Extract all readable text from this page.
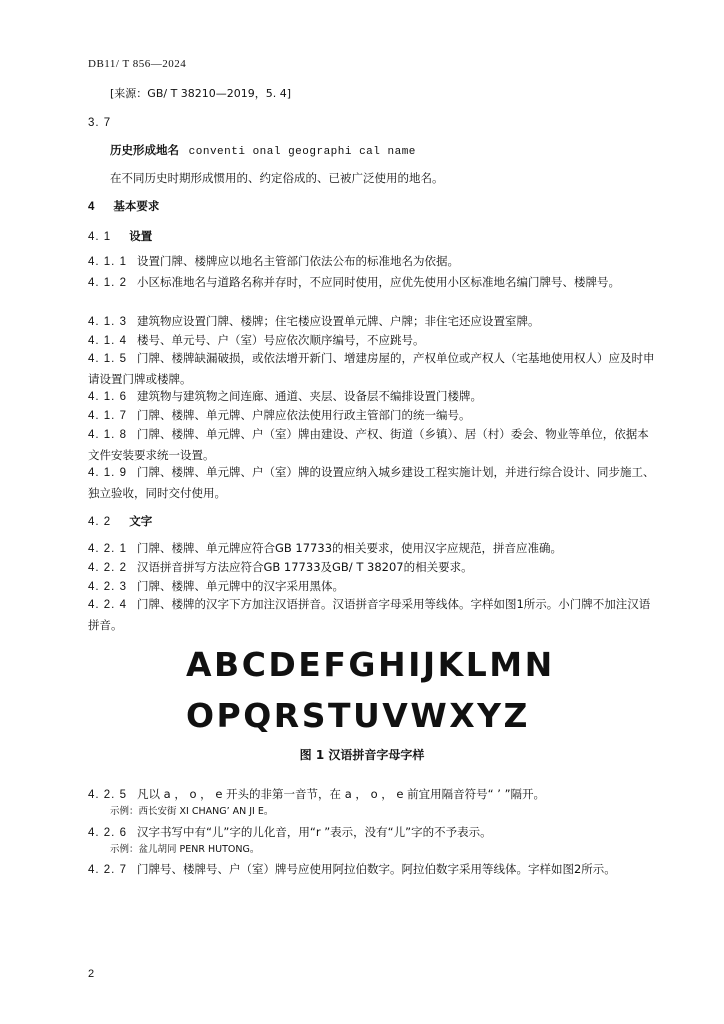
DB11/ T 856—2024
[来源：GB/ T 38210—2019，5. 4]
3. 7
历史形成地名 conventi onal geographi cal name
在不同历史时期形成惯用的、约定俗成的、已被广泛使用的地名。
4 基本要求
4. 1 设置
4. 1. 1 设置门牌、楼牌应以地名主管部门依法公布的标准地名为依据。
4. 1. 2 小区标准地名与道路名称并存时，不应同时使用，应优先使用小区标准地名编门牌号、楼牌号。
4. 1. 3 建筑物应设置门牌、楼牌；住宅楼应设置单元牌、户牌；非住宅还应设置室牌。
4. 1. 4 楼号、单元号、户（室）号应依次顺序编号，不应跳号。
4. 1. 5 门牌、楼牌缺漏破损，或依法增开新门、增建房屋的，产权单位或产权人（宅基地使用权人）应及时申请设置门牌或楼牌。
4. 1. 6 建筑物与建筑物之间连廊、通道、夹层、设备层不编排设置门楼牌。
4. 1. 7 门牌、楼牌、单元牌、户牌应依法使用行政主管部门的统一编号。
4. 1. 8 门牌、楼牌、单元牌、户（室）牌由建设、产权、街道（乡镇）、居（村）委会、物业等单位，依据本文件安装要求统一设置。
4. 1. 9 门牌、楼牌、单元牌、户（室）牌的设置应纳入城乡建设工程实施计划，并进行综合设计、同步施工、独立验收，同时交付使用。
4. 2 文字
4. 2. 1 门牌、楼牌、单元牌应符合GB 17733的相关要求，使用汉字应规范，拼音应准确。
4. 2. 2 汉语拼音拼写方法应符合GB 17733及GB/ T 38207的相关要求。
4. 2. 3 门牌、楼牌、单元牌中的汉字采用黑体。
4. 2. 4 门牌、楼牌的汉字下方加注汉语拼音。汉语拼音字母采用等线体。字样如图1所示。小门牌不加注汉语拼音。
ABCDEFGHIJKLMN
OPQRSTUVWXYZ
图 1 汉语拼音字母字样
4. 2. 5 凡以 a ， o ， e 开头的非第一音节，在 a ， o ， e 前宜用隔音符号“ ’ ”隔开。
示例：西长安街 XI CHANG’ AN JI E。
4. 2. 6 汉字书写中有“儿”字的儿化音，用“r ”表示，没有“儿”字的不予表示。
示例：盆儿胡同 PENR HUTONG。
4. 2. 7 门牌号、楼牌号、户（室）牌号应使用阿拉伯数字。阿拉伯数字采用等线体。字样如图2所示。
2
